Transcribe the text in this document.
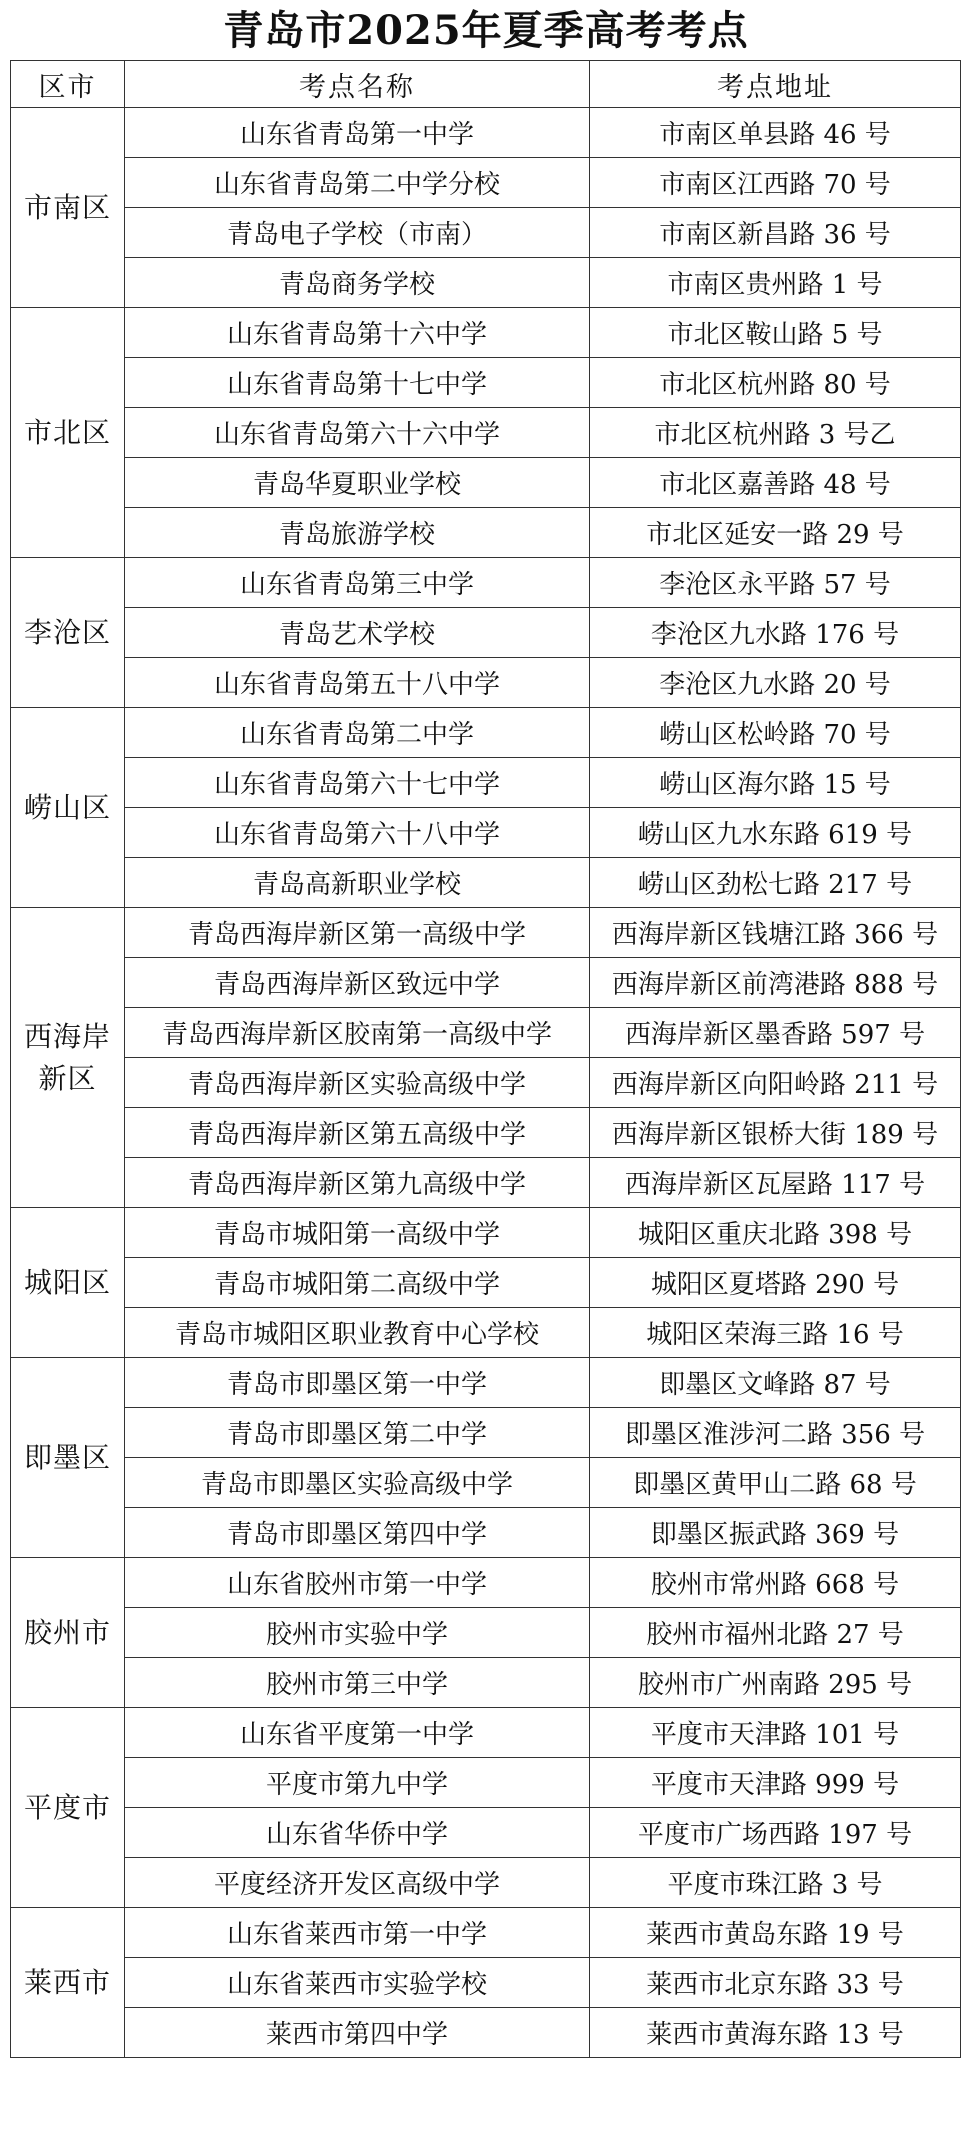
青岛市2025年夏季高考考点
区市	考点名称	考点地址
市南区	山东省青岛第一中学	市南区单县路 46 号
	山东省青岛第二中学分校	市南区江西路 70 号
	青岛电子学校（市南）	市南区新昌路 36 号
	青岛商务学校	市南区贵州路 1 号
市北区	山东省青岛第十六中学	市北区鞍山路 5 号
	山东省青岛第十七中学	市北区杭州路 80 号
	山东省青岛第六十六中学	市北区杭州路 3 号乙
	青岛华夏职业学校	市北区嘉善路 48 号
	青岛旅游学校	市北区延安一路 29 号
李沧区	山东省青岛第三中学	李沧区永平路 57 号
	青岛艺术学校	李沧区九水路 176 号
	山东省青岛第五十八中学	李沧区九水路 20 号
崂山区	山东省青岛第二中学	崂山区松岭路 70 号
	山东省青岛第六十七中学	崂山区海尔路 15 号
	山东省青岛第六十八中学	崂山区九水东路 619 号
	青岛高新职业学校	崂山区劲松七路 217 号
西海岸新区	青岛西海岸新区第一高级中学	西海岸新区钱塘江路 366 号
	青岛西海岸新区致远中学	西海岸新区前湾港路 888 号
	青岛西海岸新区胶南第一高级中学	西海岸新区墨香路 597 号
	青岛西海岸新区实验高级中学	西海岸新区向阳岭路 211 号
	青岛西海岸新区第五高级中学	西海岸新区银桥大街 189 号
	青岛西海岸新区第九高级中学	西海岸新区瓦屋路 117 号
城阳区	青岛市城阳第一高级中学	城阳区重庆北路 398 号
	青岛市城阳第二高级中学	城阳区夏塔路 290 号
	青岛市城阳区职业教育中心学校	城阳区荣海三路 16 号
即墨区	青岛市即墨区第一中学	即墨区文峰路 87 号
	青岛市即墨区第二中学	即墨区淮涉河二路 356 号
	青岛市即墨区实验高级中学	即墨区黄甲山二路 68 号
	青岛市即墨区第四中学	即墨区振武路 369 号
胶州市	山东省胶州市第一中学	胶州市常州路 668 号
	胶州市实验中学	胶州市福州北路 27 号
	胶州市第三中学	胶州市广州南路 295 号
平度市	山东省平度第一中学	平度市天津路 101 号
	平度市第九中学	平度市天津路 999 号
	山东省华侨中学	平度市广场西路 197 号
	平度经济开发区高级中学	平度市珠江路 3 号
莱西市	山东省莱西市第一中学	莱西市黄岛东路 19 号
	山东省莱西市实验学校	莱西市北京东路 33 号
	莱西市第四中学	莱西市黄海东路 13 号
